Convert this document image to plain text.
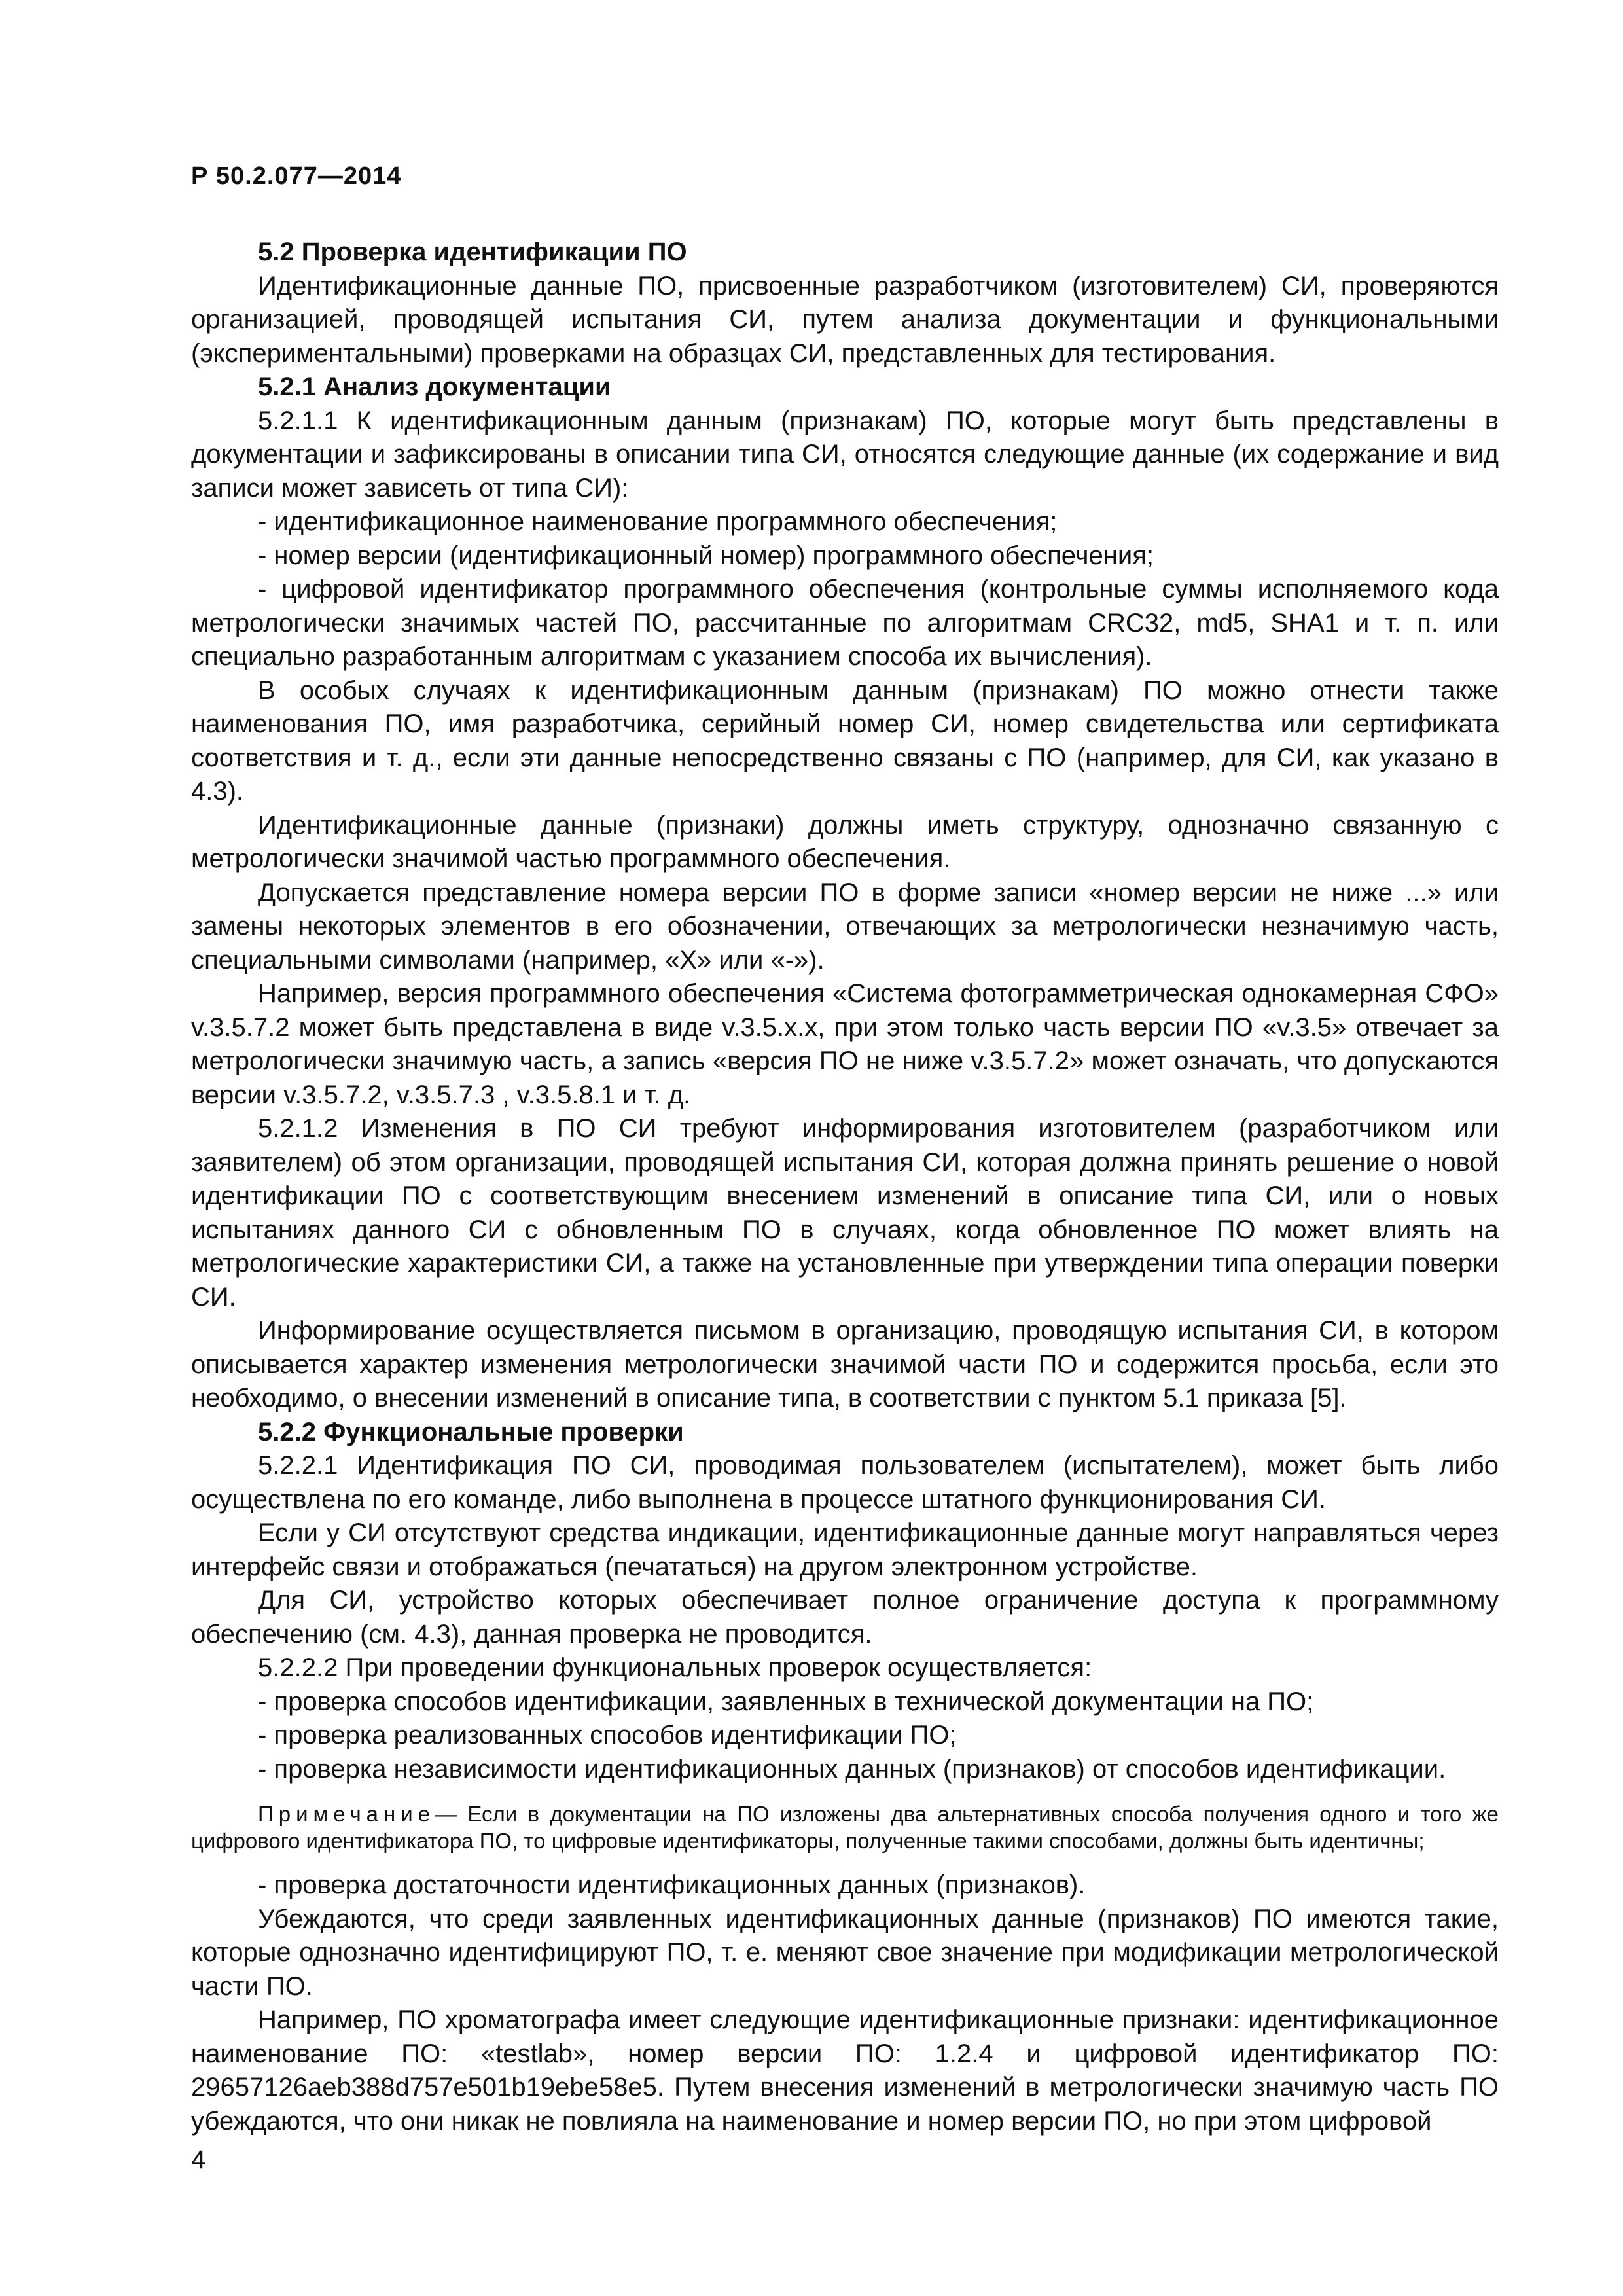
Р 50.2.077—2014

5.2 Проверка идентификации ПО

Идентификационные данные ПО, присвоенные разработчиком (изготовителем) СИ, проверяются организацией, проводящей испытания СИ, путем анализа документации и функциональными (экспериментальными) проверками на образцах СИ, представленных для тестирования.

5.2.1 Анализ документации

5.2.1.1 К идентификационным данным (признакам) ПО, которые могут быть представлены в документации и зафиксированы в описании типа СИ, относятся следующие данные (их содержание и вид записи может зависеть от типа СИ):

- идентификационное наименование программного обеспечения;

- номер версии (идентификационный номер) программного обеспечения;

- цифровой идентификатор программного обеспечения (контрольные суммы исполняемого кода метрологически значимых частей ПО, рассчитанные по алгоритмам CRC32, md5, SHA1 и т. п. или специально разработанным алгоритмам с указанием способа их вычисления).

В особых случаях к идентификационным данным (признакам) ПО можно отнести также наименования ПО, имя разработчика, серийный номер СИ, номер свидетельства или сертификата соответствия и т. д., если эти данные непосредственно связаны с ПО (например, для СИ, как указано в 4.3).

Идентификационные данные (признаки) должны иметь структуру, однозначно связанную с метрологически значимой частью программного обеспечения.

Допускается представление номера версии ПО в форме записи «номер версии не ниже ...» или замены некоторых элементов в его обозначении, отвечающих за метрологически незначимую часть, специальными символами (например, «Х» или «-»).

Например, версия программного обеспечения «Система фотограмметрическая однокамерная СФО» v.3.5.7.2 может быть представлена в виде v.3.5.x.x, при этом только часть версии ПО «v.3.5» отвечает за метрологически значимую часть, а запись «версия ПО не ниже v.3.5.7.2» может означать, что допускаются версии v.3.5.7.2, v.3.5.7.3 , v.3.5.8.1 и т. д.

5.2.1.2 Изменения в ПО СИ требуют информирования изготовителем (разработчиком или заявителем) об этом организации, проводящей испытания СИ, которая должна принять решение о новой идентификации ПО с соответствующим внесением изменений в описание типа СИ, или о новых испытаниях данного СИ с обновленным ПО в случаях, когда обновленное ПО может влиять на метрологические характеристики СИ, а также на установленные при утверждении типа операции поверки СИ.

Информирование осуществляется письмом в организацию, проводящую испытания СИ, в котором описывается характер изменения метрологически значимой части ПО и содержится просьба, если это необходимо, о внесении изменений в описание типа, в соответствии с пунктом 5.1 приказа [5].

5.2.2 Функциональные проверки

5.2.2.1 Идентификация ПО СИ, проводимая пользователем (испытателем), может быть либо осуществлена по его команде, либо выполнена в процессе штатного функционирования СИ.

Если у СИ отсутствуют средства индикации, идентификационные данные могут направляться через интерфейс связи и отображаться (печататься) на другом электронном устройстве.

Для СИ, устройство которых обеспечивает полное ограничение доступа к программному обеспечению (см. 4.3), данная проверка не проводится.

5.2.2.2 При проведении функциональных проверок осуществляется:

- проверка способов идентификации, заявленных в технической документации на ПО;

- проверка реализованных способов идентификации ПО;

- проверка независимости идентификационных данных (признаков) от способов идентификации.

Примечание— Если в документации на ПО изложены два альтернативных способа получения одного и того же цифрового идентификатора ПО, то цифровые идентификаторы, полученные такими способами, должны быть идентичны;

- проверка достаточности идентификационных данных (признаков).

Убеждаются, что среди заявленных идентификационных данные (признаков) ПО имеются такие, которые однозначно идентифицируют ПО, т. е. меняют свое значение при модификации метрологической части ПО.

Например, ПО хроматографа имеет следующие идентификационные признаки: идентификационное наименование ПО: «testlab», номер версии ПО: 1.2.4 и цифровой идентификатор ПО: 29657126aeb388d757e501b19ebe58e5. Путем внесения изменений в метрологически значимую часть ПО убеждаются, что они никак не повлияла на наименование и номер версии ПО, но при этом цифровой

4
